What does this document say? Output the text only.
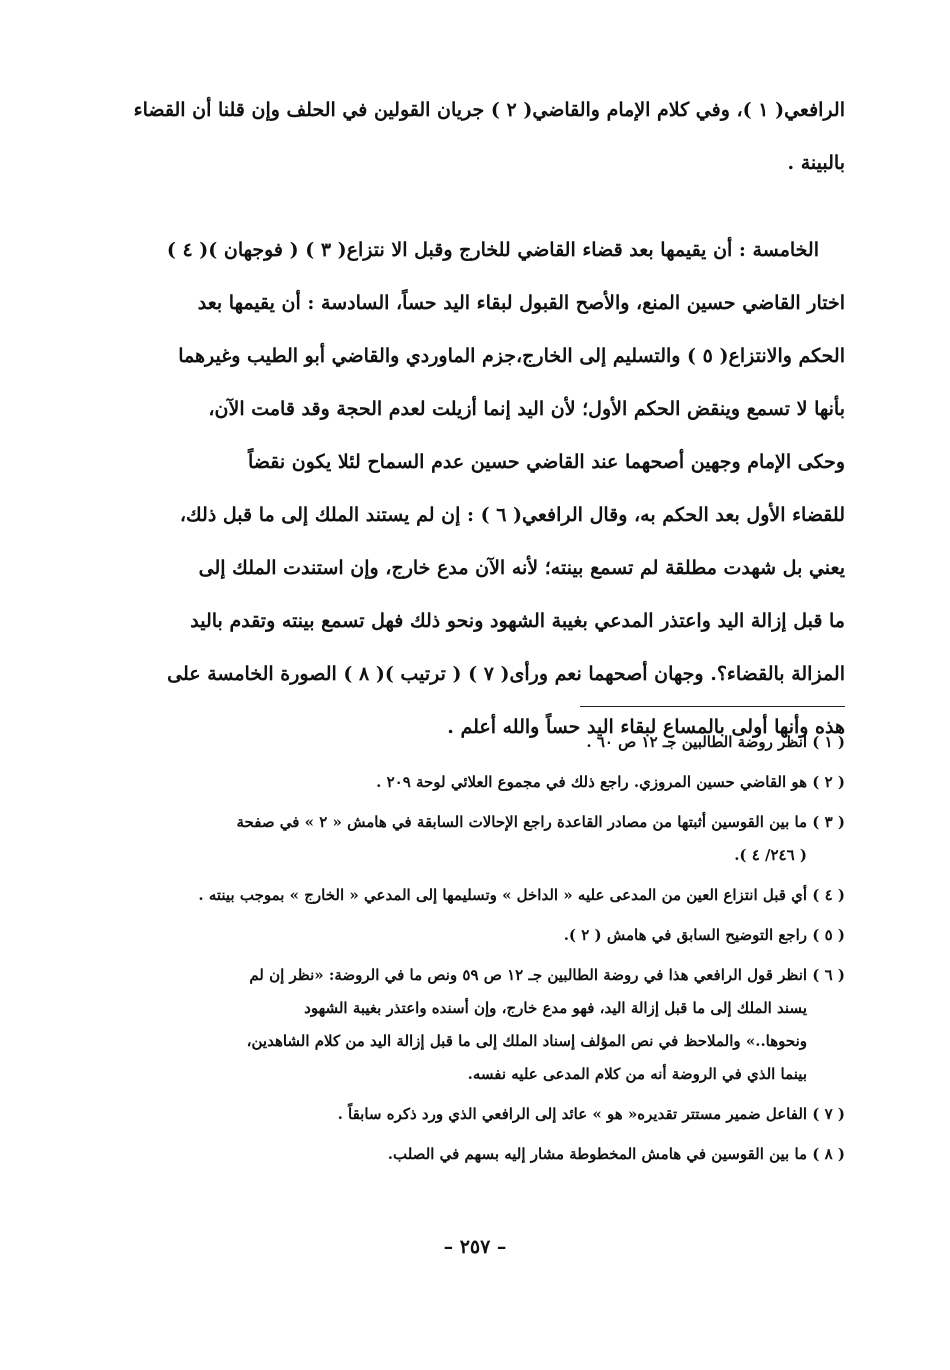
الرافعي( ١ )، وفي كلام الإمام والقاضي( ٢ ) جريان القولين في الحلف وإن قلنا أن القضاء
بالبينة .
الخامسة : أن يقيمها بعد قضاء القاضي للخارج وقبل الا نتزاع( ٣ ) ( فوجهان )( ٤ )
اختار القاضي حسين المنع، والأصح القبول لبقاء اليد حساً، السادسة : أن يقيمها بعد
الحكم والانتزاع( ٥ ) والتسليم إلى الخارج،جزم الماوردي والقاضي أبو الطيب وغيرهما
بأنها لا تسمع وينقض الحكم الأول؛ لأن اليد إنما أزيلت لعدم الحجة وقد قامت الآن،
وحكى الإمام وجهين أصحهما عند القاضي حسين عدم السماح لئلا يكون نقضاً
للقضاء الأول بعد الحكم به، وقال الرافعي( ٦ ) : إن لم يستند الملك إلى ما قبل ذلك،
يعني بل شهدت مطلقة لم تسمع بينته؛ لأنه الآن مدع خارج، وإن استندت الملك إلى
ما قبل إزالة اليد واعتذر المدعي بغيبة الشهود ونحو ذلك فهل تسمع بينته وتقدم باليد
المزالة بالقضاء؟. وجهان أصحهما نعم ورأى( ٧ ) ( ترتيب )( ٨ ) الصورة الخامسة على
هذه وأنها أولى بالمساع لبقاء اليد حساً والله أعلم .
( ١ ) انظر روضة الطالبين جـ ١٢ ص ٦٠ .
( ٢ ) هو القاضي حسين المروزي. راجع ذلك في مجموع العلائي لوحة ٢٠٩ .
( ٣ ) ما بين القوسين أثبتها من مصادر القاعدة راجع الإحالات السابقة في هامش « ٢ » في صفحة
( ٢٤٦/ ٤ ).
( ٤ ) أي قبل انتزاع العين من المدعى عليه « الداخل » وتسليمها إلى المدعي « الخارج » بموجب بينته .
( ٥ ) راجع التوضيح السابق في هامش ( ٢ ).
( ٦ ) انظر قول الرافعي هذا في روضة الطالبين جـ ١٢ ص ٥٩ ونص ما في الروضة: «نظر إن لم
يسند الملك إلى ما قبل إزالة اليد، فهو مدع خارج، وإن أسنده واعتذر بغيبة الشهود
ونحوها..» والملاحظ في نص المؤلف إسناد الملك إلى ما قبل إزالة اليد من كلام الشاهدين،
بينما الذي في الروضة أنه من كلام المدعى عليه نفسه.
( ٧ ) الفاعل ضمير مستتر تقديره« هو » عائد إلى الرافعي الذي ورد ذكره سابقاً .
( ٨ ) ما بين القوسين في هامش المخطوطة مشار إليه بسهم في الصلب.
– ٢٥٧ –
